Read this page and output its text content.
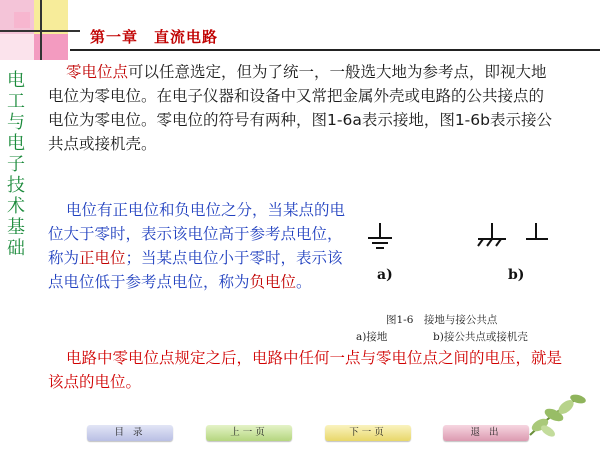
第一章　直流电路
电工与电子技术基础
零电位点可以任意选定，但为了统一，一般选大地为参考点，即视大地电位为零电位。在电子仪器和设备中又常把金属外壳或电路的公共接点的电位为零电位。零电位的符号有两种，图1-6a表示接地，图1-6b表示接公共点或接机壳。
电位有正电位和负电位之分，当某点的电位大于零时，表示该电位高于参考点电位，称为正电位；当某点电位小于零时，表示该点电位低于参考点电位，称为负电位。	a)	b)
图1-6　接地与接公共点
a)接地	b)接公共点或接机壳
电路中零电位点规定之后，电路中任何一点与零电位点之间的电压，就是该点的电位。
目 录	上一页	下一页	退 出
